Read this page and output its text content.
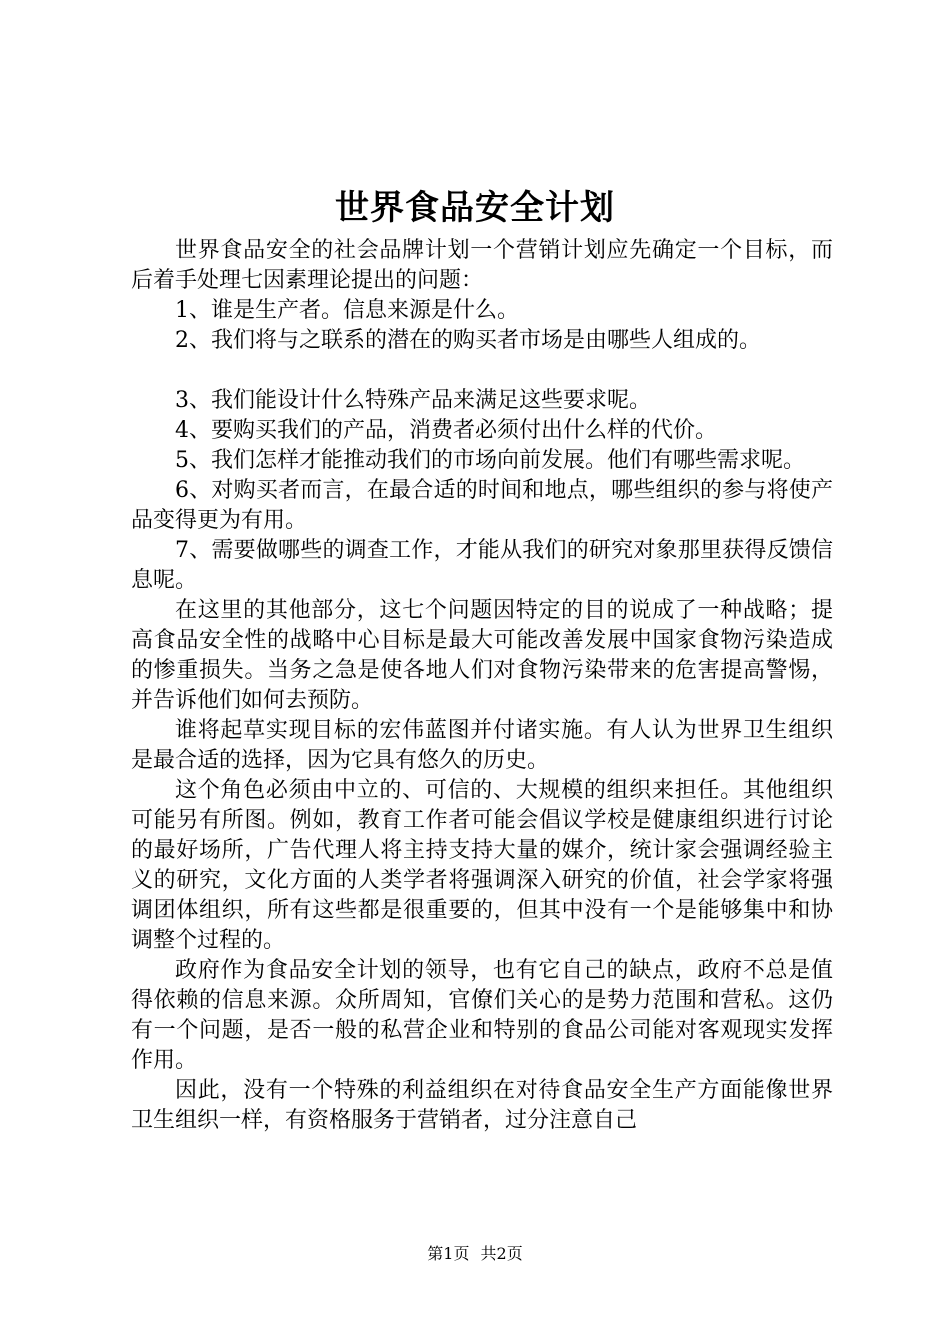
世界食品安全计划

世界食品安全的社会品牌计划一个营销计划应先确定一个目标，而后着手处理七因素理论提出的问题：

1、谁是生产者。信息来源是什么。

2、我们将与之联系的潜在的购买者市场是由哪些人组成的。

3、我们能设计什么特殊产品来满足这些要求呢。

4、要购买我们的产品，消费者必须付出什么样的代价。

5、我们怎样才能推动我们的市场向前发展。他们有哪些需求呢。

6、对购买者而言，在最合适的时间和地点，哪些组织的参与将使产品变得更为有用。

7、需要做哪些的调查工作，才能从我们的研究对象那里获得反馈信息呢。

在这里的其他部分，这七个问题因特定的目的说成了一种战略；提高食品安全性的战略中心目标是最大可能改善发展中国家食物污染造成的惨重损失。当务之急是使各地人们对食物污染带来的危害提高警惕，并告诉他们如何去预防。

谁将起草实现目标的宏伟蓝图并付诸实施。有人认为世界卫生组织是最合适的选择，因为它具有悠久的历史。

这个角色必须由中立的、可信的、大规模的组织来担任。其他组织可能另有所图。例如，教育工作者可能会倡议学校是健康组织进行讨论的最好场所，广告代理人将主持支持大量的媒介，统计家会强调经验主义的研究，文化方面的人类学者将强调深入研究的价值，社会学家将强调团体组织，所有这些都是很重要的，但其中没有一个是能够集中和协调整个过程的。

政府作为食品安全计划的领导，也有它自己的缺点，政府不总是值得依赖的信息来源。众所周知，官僚们关心的是势力范围和营私。这仍有一个问题，是否一般的私营企业和特别的食品公司能对客观现实发挥作用。

因此，没有一个特殊的利益组织在对待食品安全生产方面能像世界卫生组织一样，有资格服务于营销者，过分注意自己

第1页 共2页
